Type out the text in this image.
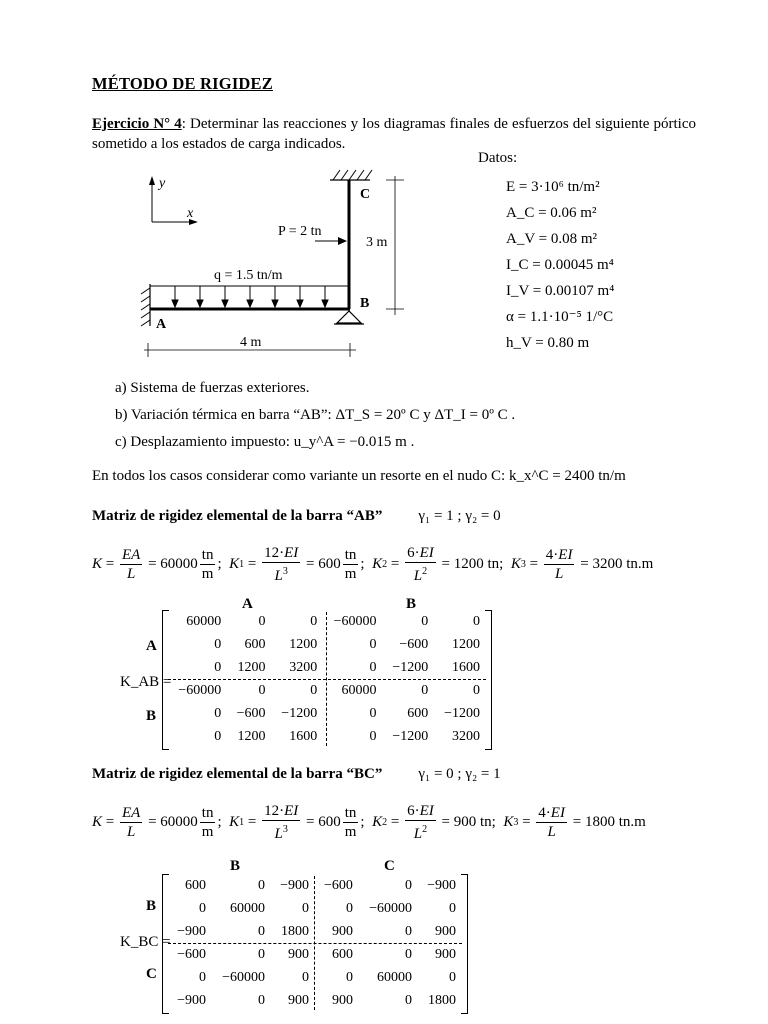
MÉTODO DE RIGIDEZ
Ejercicio N° 4: Determinar las reacciones y los diagramas finales de esfuerzos del siguiente pórtico sometido a los estados de carga indicados.
y
x
q = 1.5 tn/m
P = 2 tn
C
B
A
3 m
4 m
Datos:
E = 3·10⁶ tn/m²
A_C = 0.06 m²
A_V = 0.08 m²
I_C = 0.00045 m⁴
I_V = 0.00107 m⁴
α = 1.1·10⁻⁵ 1/°C
h_V = 0.80 m
a) Sistema de fuerzas exteriores.
b) Variación térmica en barra “AB”: ΔT_S = 20º C y ΔT_I = 0º C .
c) Desplazamiento impuesto: u_y^A = −0.015 m .
En todos los casos considerar como variante un resorte en el nudo C: k_x^C = 2400 tn/m
Matriz de rigidez elemental de la barra “AB” γ₁ = 1 ; γ₂ = 0
$K = \frac{EA}{L} = 60000 \frac{tn}{m}$ ; K $1 = \frac{12\cdot EI}{L^3} = 600 \frac{tn}{m}$ ; K $2 = \frac{6\cdot EI}{L^2} = 1200$ tn ; K $3 = \frac{4\cdot EI}{L} = 3200$ tn.m
A	B
A
B
K_AB =
60000	0	0	−60000	0	0
0	600	1200	0	−600	1200
0	1200	3200	0	−1200	1600
−60000	0	0	60000	0	0
0	−600	−1200	0	600	−1200
0	1200	1600	0	−1200	3200
Matriz de rigidez elemental de la barra “BC” γ₁ = 0 ; γ₂ = 1
$K = \frac{EA}{L} = 60000 \frac{tn}{m}$ ; K $1 = \frac{12\cdot EI}{L^3} = 600 \frac{tn}{m}$ ; K $2 = \frac{6\cdot EI}{L^2} = 900$ tn ; K $3 = \frac{4\cdot EI}{L} = 1800$ tn.m
B	C
B
C
K_BC =
600	0	−900	−600	0	−900
0	60000	0	0	−60000	0
−900	0	1800	900	0	900
−600	0	900	600	0	900
0	−60000	0	0	60000	0
−900	0	900	900	0	1800
